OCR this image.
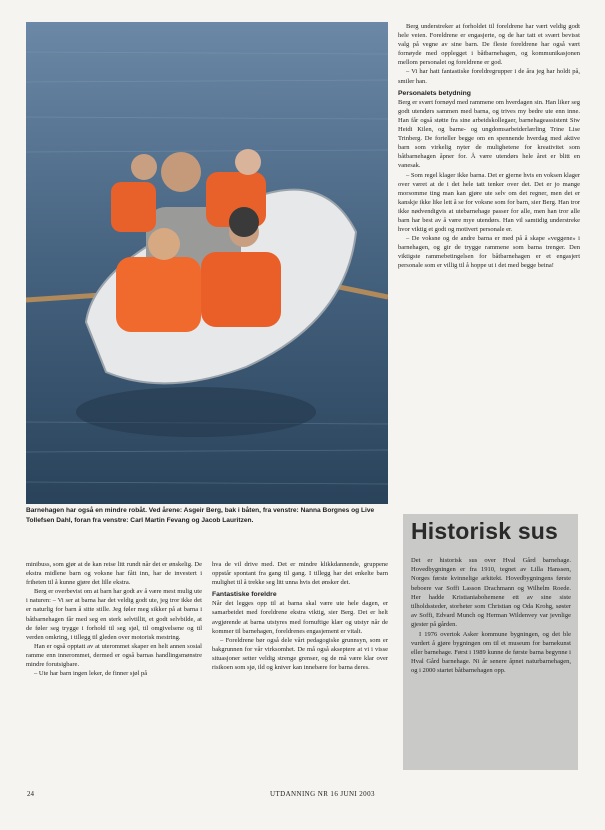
Barnehagen har også en mindre robåt. Ved årene: Asgeir Berg, bak i båten, fra venstre: Nanna Borgnes og Live Tollefsen Dahl, foran fra venstre: Carl Martin Fevang og Jacob Lauritzen.

Berg understreker at forholdet til foreldrene har vært veldig godt hele veien. Foreldrene er engasjerte, og de har tatt et svært bevisst valg på vegne av sine barn. De fleste foreldrene har også vært fornøyde med opplegget i båtbarnehagen, og kommunikasjonen mellom personalet og foreldrene er god.

– Vi har hatt fantastiske foreldregrupper i de åra jeg har holdt på, smiler han.

Personalets betydning

Berg er svært fornøyd med rammene om hverdagen sin. Han liker seg godt utendørs sammen med barna, og trives my bedre ute enn inne. Han får også støtte fra sine arbeidskollegaer, barnehageassistent Siw Heidi Kilen, og barne- og ungdomsarbeiderlærling Trine Lise Trinberg. De forteller begge om en spennende hverdag med aktive barn som virkelig nyter de mulighetene for kreativitet som båtbarnehagen åpner for. Å være utendørs hele året er blitt en vanesak.

– Som regel klager ikke barna. Det er gjerne hvis en voksen klager over været at de i det hele tatt tenker over det. Det er jo mange morsomme ting man kan gjøre ute selv om det regner, men det er kanskje ikke like lett å se for voksne som for barn, sier Berg. Han tror ikke nødvendigvis at utebarnehage passer for alle, men han tror alle barn har best av å være mye utendørs. Han vil samtidig understreke hvor viktig et godt og motivert personale er.

– De voksne og de andre barna er med på å skape «veggene» i barnehagen, og gir de trygge rammene som barna trenger. Den viktigste rammebetingelsen for båtbarnehagen er et engasjert personale som er villig til å hoppe ut i det med begge beina!

minibuss, som gjør at de kan reise litt rundt når det er ønskelig. De ekstra midlene barn og voksne har fått inn, har de investert i friheten til å kunne gjøre det lille ekstra.

Berg er overbevist om at barn har godt av å være mest mulig ute i naturen: – Vi ser at barna har det veldig godt ute, jeg tror ikke det er naturlig for barn å sitte stille. Jeg føler meg sikker på at barna i båtbarnehagen får med seg en sterk selvtillit, et godt selvbilde, at de føler seg trygge i forhold til seg sjøl, til omgivelsene og til verden omkring, i tillegg til gleden over motorisk mestring.

Han er også opptatt av at uterommet skaper en helt annen sosial ramme enn innerommet, dermed er også barnas handlingsmønstre mindre forutsigbare.

– Ute har barn ingen leker, de finner sjøl på

hva de vil drive med. Det er mindre klikkdannende, gruppene oppstår spontant fra gang til gang. I tillegg har det enkelte barn mulighet til å trekke seg litt unna hvis det ønsker det.

Fantastiske foreldre

Når det legges opp til at barna skal være ute hele dagen, er samarbeidet med foreldrene ekstra viktig, sier Berg. Det er helt avgjørende at barna utstyres med fornuftige klær og utstyr når de kommer til barnehagen, foreldrenes engasjement er vitalt.

– Foreldrene bør også dele vårt pedagogiske grunnsyn, som er bakgrunnen for vår virksomhet. De må også akseptere at vi i visse situasjoner setter veldig strenge grenser, og de må være klar over risikoen som sjø, ild og kniver kan innebære for barna deres.

Historisk sus

Det er historisk sus over Hval Gård barnehage. Hovedbygningen er fra 1910, tegnet av Lilla Hanssen, Norges første kvinnelige arkitekt. Hovedbygningens første beboere var Soffi Lasson Drachmann og Wilhelm Roede. Her hadde Kristianiabohemene ett av sine siste tilholdssteder, storheter som Christian og Oda Krohg, søster av Soffi, Edvard Munch og Herman Wildenvey var jevnlige gjester på gården.

I 1976 overtok Asker kommune bygningen, og det ble vurdert å gjøre bygningen om til et museum for barnekunst eller barnehage. Først i 1989 kunne de første barna begynne i Hval Gård barnehage. Ni år senere åpnet naturbarnehagen, og i 2000 startet båtbarnehagen opp.

24	UTDANNING NR 16 JUNI 2003
